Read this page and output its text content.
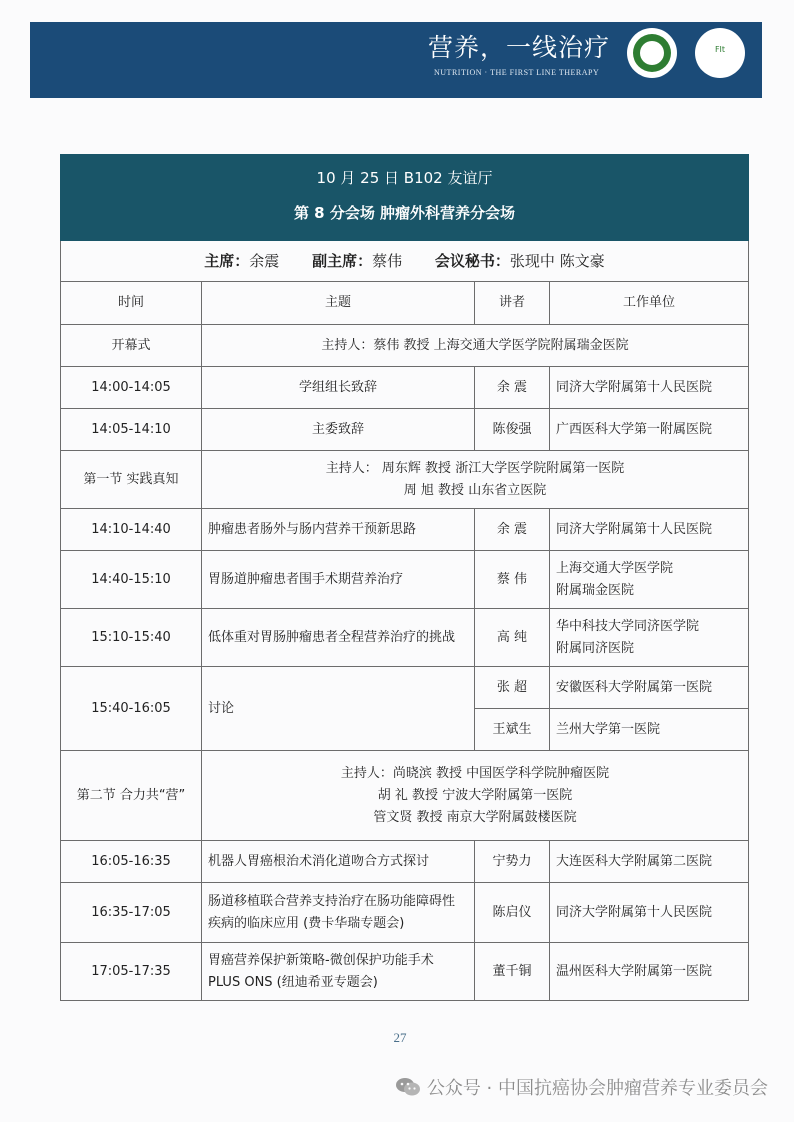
营养，一线治疗
NUTRITION · THE FIRST LINE THERAPY
FIt
10 月 25 日 B102 友谊厅			
第 8 分会场 肿瘤外科营养分会场			
主席：余震 副主席：蔡伟 会议秘书：张现中 陈文豪			
时间	主题	讲者	工作单位
开幕式	主持人：蔡伟 教授 上海交通大学医学院附属瑞金医院		
14:00-14:05	学组组长致辞	余 震	同济大学附属第十人民医院
14:05-14:10	主委致辞	陈俊强	广西医科大学第一附属医院
第一节 实践真知	主持人： 周东辉 教授 浙江大学医学院附属第一医院
周 旭 教授 山东省立医院		

14:10-14:40	肿瘤患者肠外与肠内营养干预新思路	余 震	同济大学附属第十人民医院
14:40-15:10	胃肠道肿瘤患者围手术期营养治疗	蔡 伟	上海交通大学医学院
附属瑞金医院

15:10-15:40	低体重对胃肠肿瘤患者全程营养治疗的挑战	高 纯	华中科技大学同济医学院
附属同济医院

15:40-16:05	讨论	张 超	安徽医科大学附属第一医院
		王斌生	兰州大学第一医院
第二节 合力共“营”	主持人：尚晓滨 教授 中国医学科学院肿瘤医院
胡 礼 教授 宁波大学附属第一医院
管文贤 教授 南京大学附属鼓楼医院		

16:05-16:35	机器人胃癌根治术消化道吻合方式探讨	宁势力	大连医科大学附属第二医院
16:35-17:05	肠道移植联合营养支持治疗在肠功能障碍性
疾病的临床应用 (费卡华瑞专题会)	陈启仪	同济大学附属第十人民医院
17:05-17:35	胃癌营养保护新策略-微创保护功能手术
PLUS ONS (纽迪希亚专题会)	董千铜	温州医科大学附属第一医院
27
公众号 · 中国抗癌协会肿瘤营养专业委员会
